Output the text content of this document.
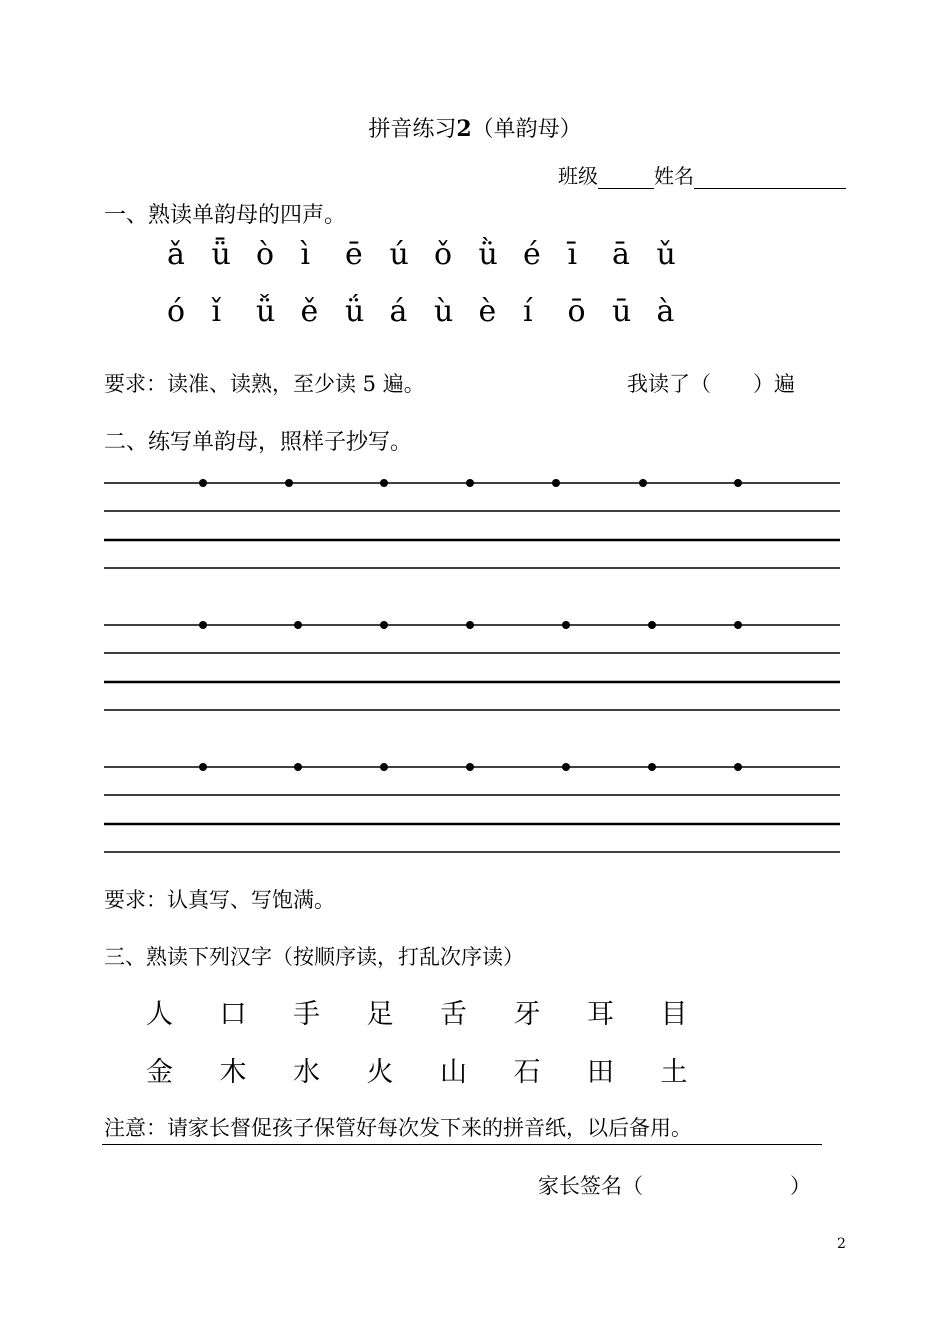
拼音练习2（单韵母）
班级	姓名
一、熟读单韵母的四声。
ǎ ǖ ò ì ē ú ǒ ǜ é ī ā ǔ
ó ǐ ǚ ě ǘ á ù è í ō ū à
要求：读准、读熟，至少读 5 遍。	我读了（　　）遍
二、练写单韵母，照样子抄写。
要求：认真写、写饱满。
三、熟读下列汉字（按顺序读，打乱次序读）
人 口 手 足 舌 牙 耳 目
金 木 水 火 山 石 田 土
注意：请家长督促孩子保管好每次发下来的拼音纸，以后备用。
家长签名（　　　　　　　）
2
